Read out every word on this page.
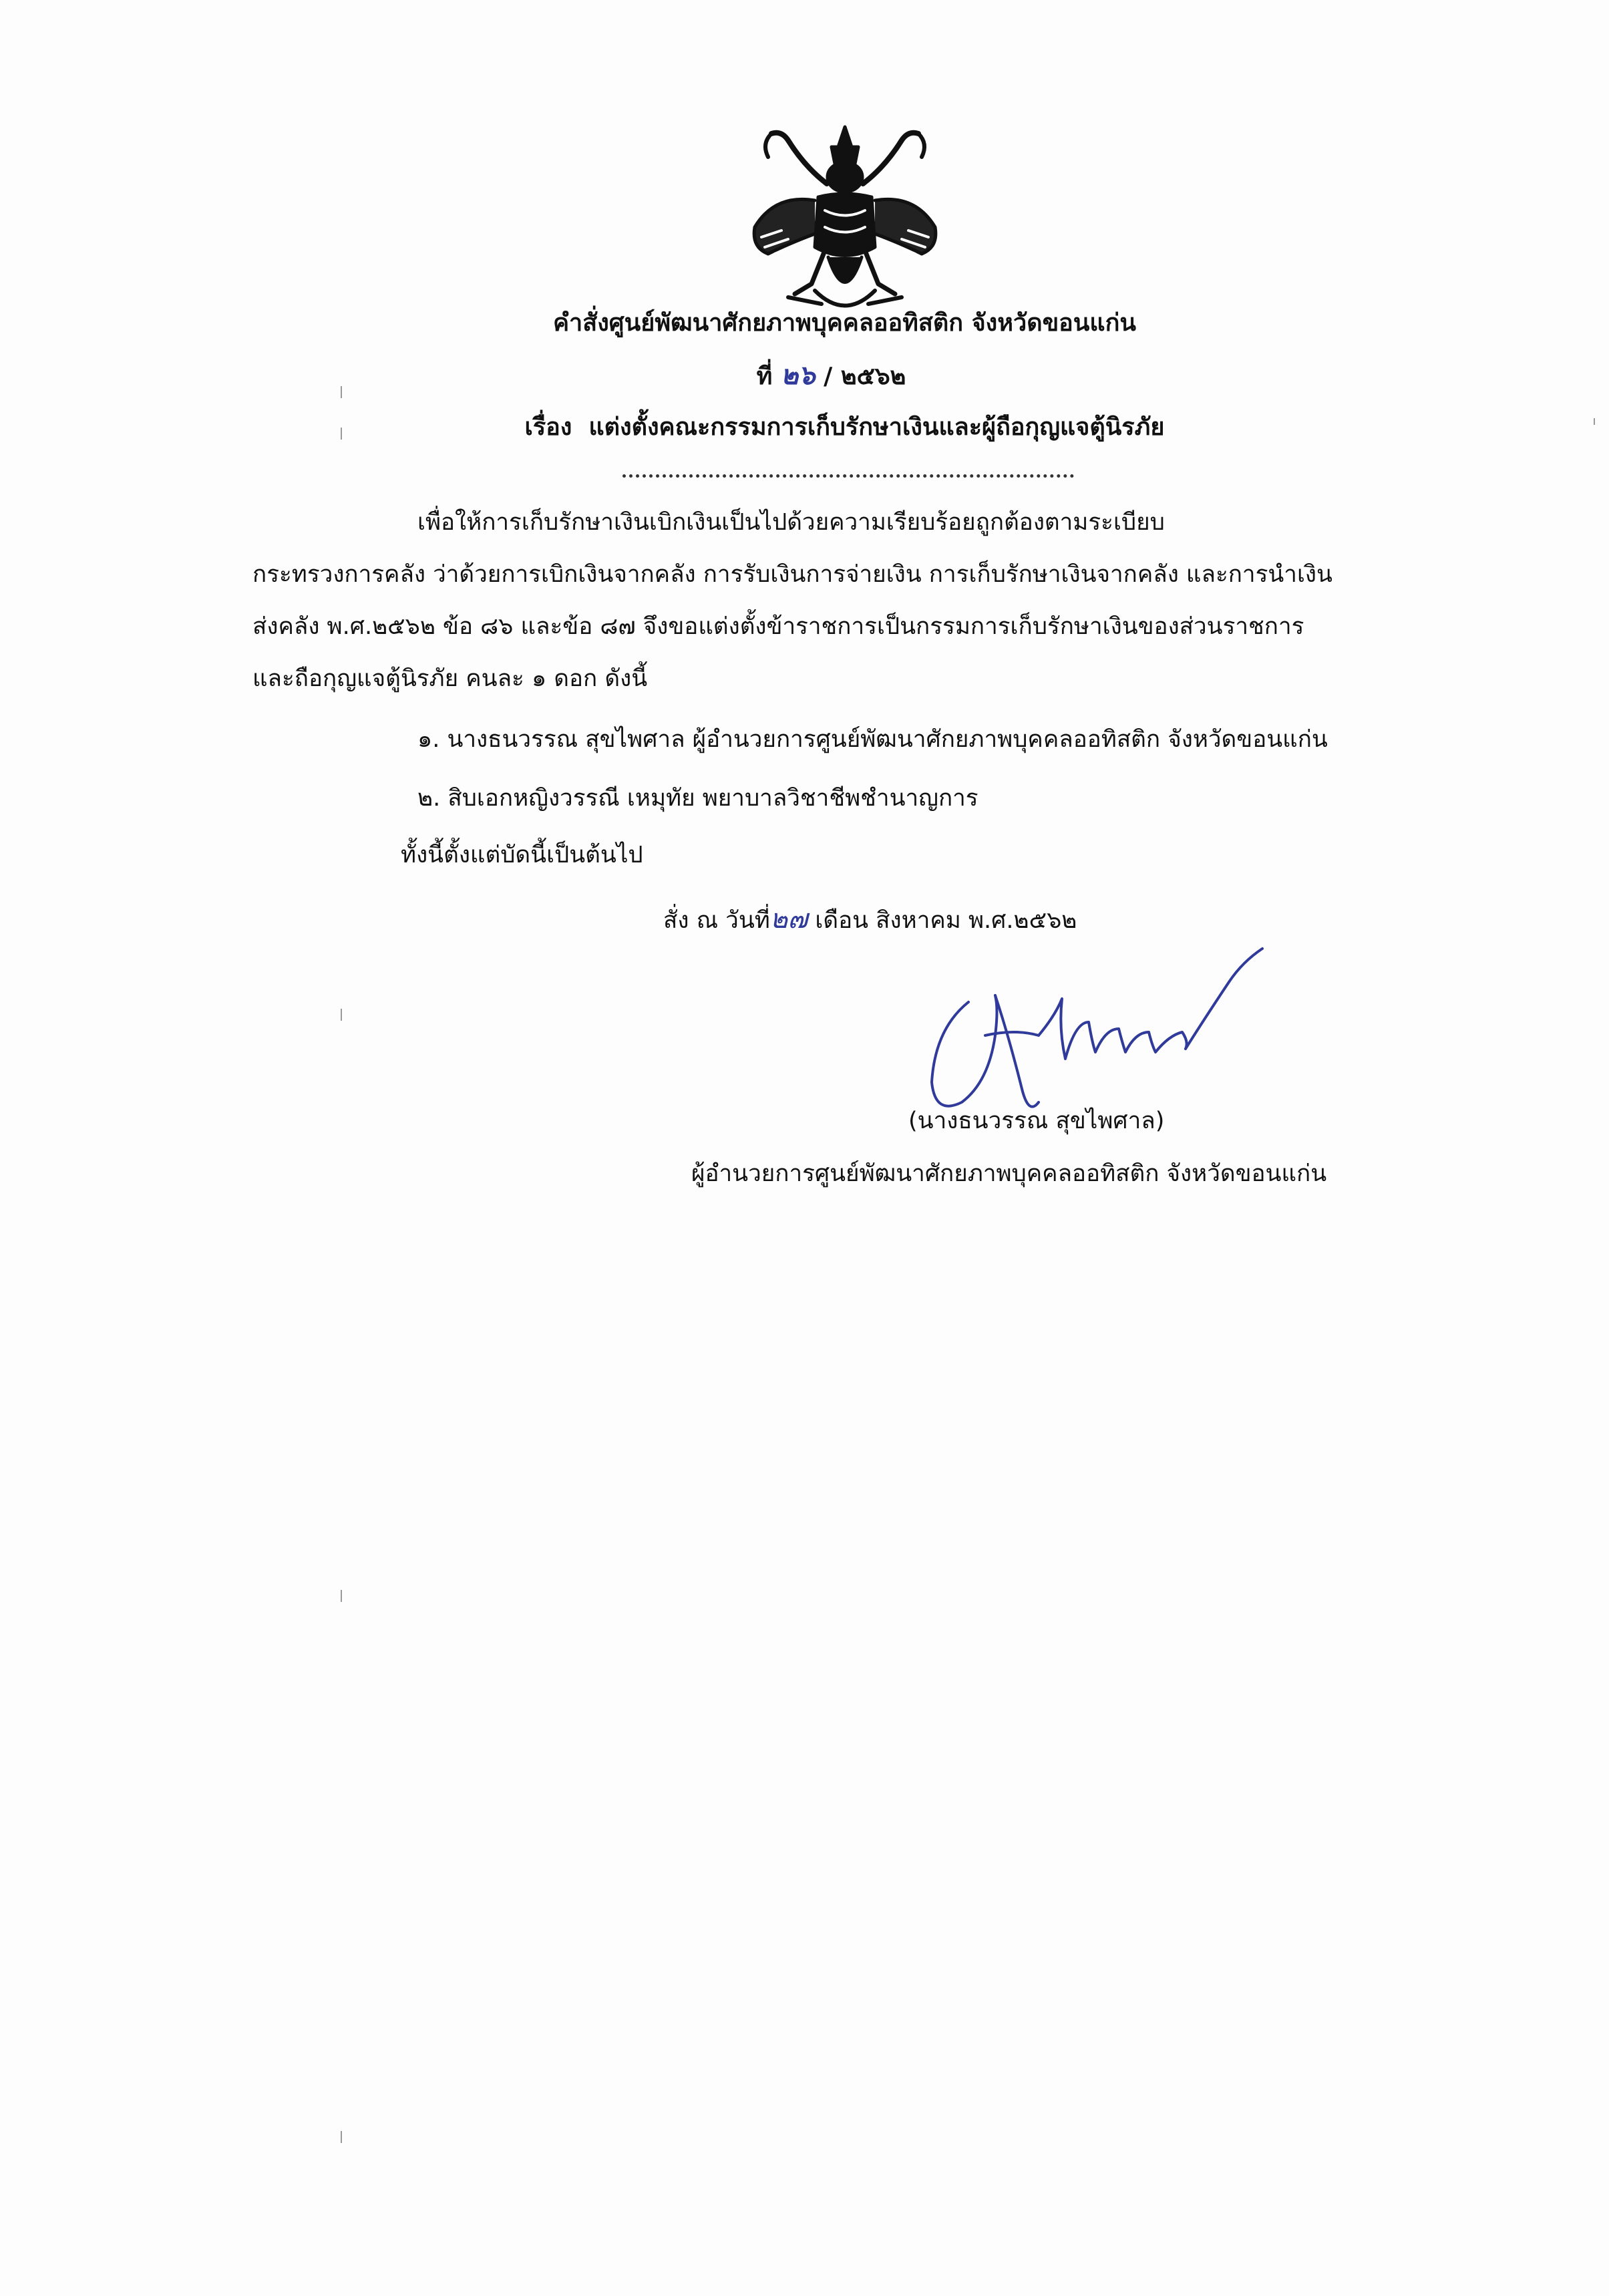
คำสั่งศูนย์พัฒนาศักยภาพบุคคลออทิสติก จังหวัดขอนแก่น
ที่ ๒๖ / ๒๕๖๒
เรื่อง แต่งตั้งคณะกรรมการเก็บรักษาเงินและผู้ถือกุญแจตู้นิรภัย
เพื่อให้การเก็บรักษาเงินเบิกเงินเป็นไปด้วยความเรียบร้อยถูกต้องตามระเบียบ
กระทรวงการคลัง ว่าด้วยการเบิกเงินจากคลัง การรับเงินการจ่ายเงิน การเก็บรักษาเงินจากคลัง และการนำเงิน
ส่งคลัง พ.ศ.๒๕๖๒ ข้อ ๘๖ และข้อ ๘๗ จึงขอแต่งตั้งข้าราชการเป็นกรรมการเก็บรักษาเงินของส่วนราชการ
และถือกุญแจตู้นิรภัย คนละ ๑ ดอก ดังนี้
๑. นางธนวรรณ สุขไพศาล ผู้อำนวยการศูนย์พัฒนาศักยภาพบุคคลออทิสติก จังหวัดขอนแก่น
๒. สิบเอกหญิงวรรณี เหมุทัย พยาบาลวิชาชีพชำนาญการ
ทั้งนี้ตั้งแต่บัดนี้เป็นต้นไป
สั่ง ณ วันที่๒๗ เดือน สิงหาคม พ.ศ.๒๕๖๒
(นางธนวรรณ สุขไพศาล)
ผู้อำนวยการศูนย์พัฒนาศักยภาพบุคคลออทิสติก จังหวัดขอนแก่น
